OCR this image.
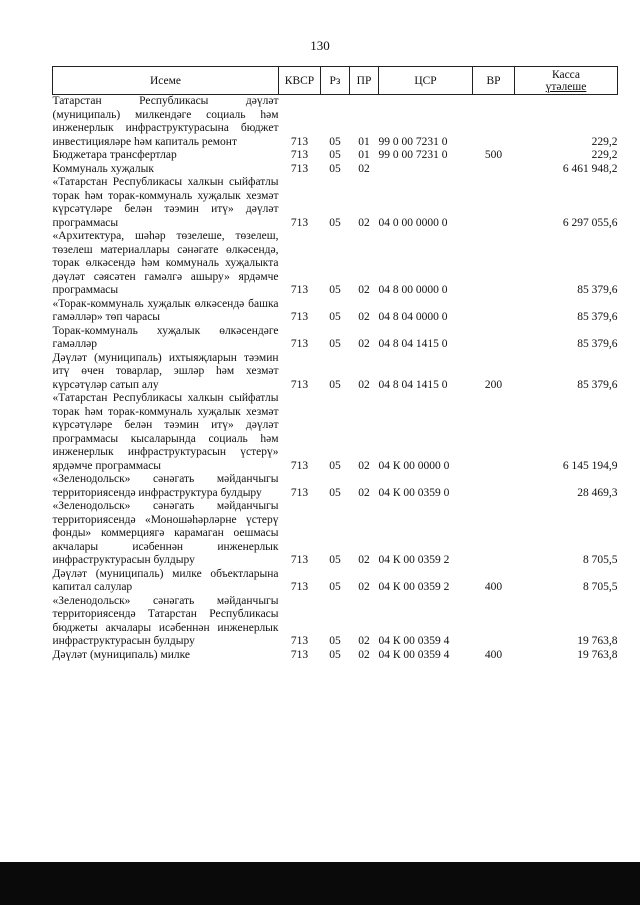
130
Исеме	КВСР	Рз	ПР	ЦСР	ВР	Касса
үтәлеше

Татарстан Республикасы дәүләт (муниципаль) милкендәге социаль һәм инженерлык инфраструктурасына бюджет инвестицияләре һәм капиталь ремонт	713	05	01	99 0 00 7231 0		229,2
Бюджетара трансфертлар	713	05	01	99 0 00 7231 0	500	229,2
Коммуналь хуҗалык	713	05	02			6 461 948,2
«Татарстан Республикасы халкын сыйфатлы торак һәм торак-коммуналь хуҗалык хезмәт күрсәтүләре белән тәэмин итү» дәүләт программасы	713	05	02	04 0 00 0000 0		6 297 055,6
«Архитектура, шәһәр төзелеше, төзелеш, төзелеш материаллары сәнәгате өлкәсендә, торак өлкәсендә һәм коммуналь хуҗалыкта дәүләт сәясәтен гамәлгә ашыру» ярдәмче программасы	713	05	02	04 8 00 0000 0		85 379,6
«Торак-коммуналь хуҗалык өлкәсендә башка гамәлләр» төп чарасы	713	05	02	04 8 04 0000 0		85 379,6
Торак-коммуналь хуҗалык өлкәсендәге гамәлләр	713	05	02	04 8 04 1415 0		85 379,6
Дәүләт (муниципаль) ихтыяҗларын тәэмин итү өчен товарлар, эшләр һәм хезмәт күрсәтүләр сатып алу	713	05	02	04 8 04 1415 0	200	85 379,6
«Татарстан Республикасы халкын сыйфатлы торак һәм торак-коммуналь хуҗалык хезмәт күрсәтүләре белән тәэмин итү» дәүләт программасы кысаларында социаль һәм инженерлык инфраструктурасын үстерү» ярдәмче программасы	713	05	02	04 К 00 0000 0		6 145 194,9
«Зеленодольск» сәнәгать мәйданчыгы территориясендә инфраструктура булдыру	713	05	02	04 К 00 0359 0		28 469,3
«Зеленодольск» сәнәгать мәйданчыгы территориясендә «Моношәһәрләрне үстерү фонды» коммерциягә карамаган оешмасы акчалары исәбеннән инженерлык инфраструктурасын булдыру	713	05	02	04 К 00 0359 2		8 705,5
Дәүләт (муниципаль) милке объектларына капитал салулар	713	05	02	04 К 00 0359 2	400	8 705,5
«Зеленодольск» сәнәгать мәйданчыгы территориясендә Татарстан Республикасы бюджеты акчалары исәбеннән инженерлык инфраструктурасын булдыру	713	05	02	04 К 00 0359 4		19 763,8
Дәүләт (муниципаль) милке	713	05	02	04 К 00 0359 4	400	19 763,8
